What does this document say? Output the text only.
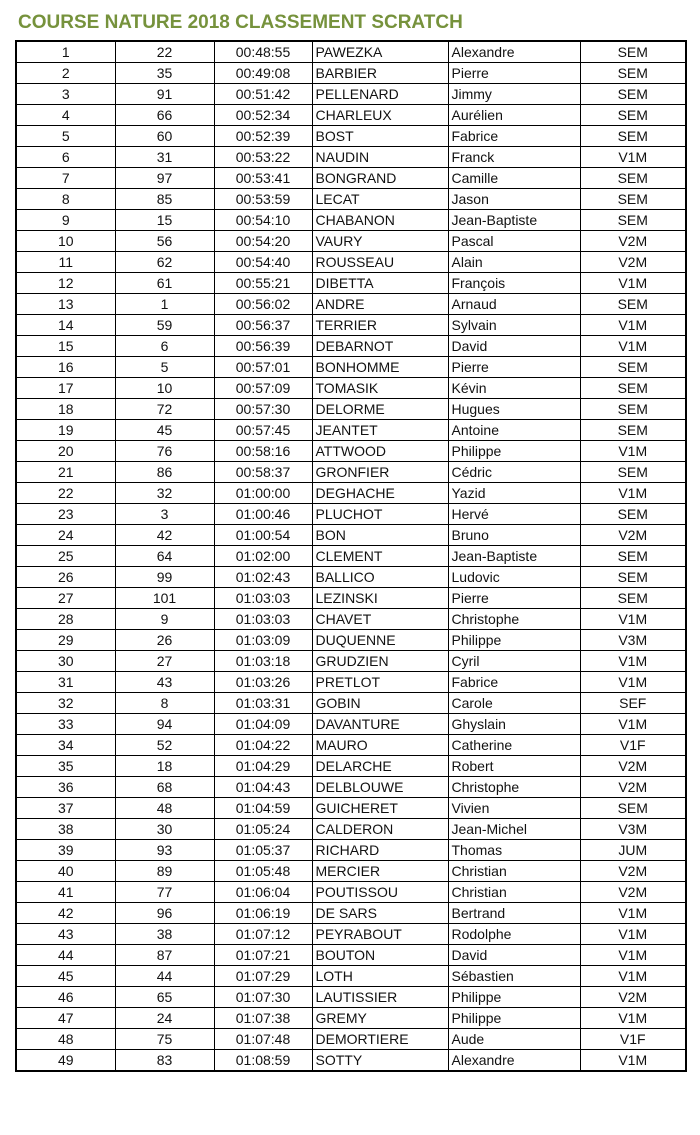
COURSE NATURE 2018 CLASSEMENT SCRATCH
1	22	00:48:55	PAWEZKA	Alexandre	SEM
2	35	00:49:08	BARBIER	Pierre	SEM
3	91	00:51:42	PELLENARD	Jimmy	SEM
4	66	00:52:34	CHARLEUX	Aurélien	SEM
5	60	00:52:39	BOST	Fabrice	SEM
6	31	00:53:22	NAUDIN	Franck	V1M
7	97	00:53:41	BONGRAND	Camille	SEM
8	85	00:53:59	LECAT	Jason	SEM
9	15	00:54:10	CHABANON	Jean-Baptiste	SEM
10	56	00:54:20	VAURY	Pascal	V2M
11	62	00:54:40	ROUSSEAU	Alain	V2M
12	61	00:55:21	DIBETTA	François	V1M
13	1	00:56:02	ANDRE	Arnaud	SEM
14	59	00:56:37	TERRIER	Sylvain	V1M
15	6	00:56:39	DEBARNOT	David	V1M
16	5	00:57:01	BONHOMME	Pierre	SEM
17	10	00:57:09	TOMASIK	Kévin	SEM
18	72	00:57:30	DELORME	Hugues	SEM
19	45	00:57:45	JEANTET	Antoine	SEM
20	76	00:58:16	ATTWOOD	Philippe	V1M
21	86	00:58:37	GRONFIER	Cédric	SEM
22	32	01:00:00	DEGHACHE	Yazid	V1M
23	3	01:00:46	PLUCHOT	Hervé	SEM
24	42	01:00:54	BON	Bruno	V2M
25	64	01:02:00	CLEMENT	Jean-Baptiste	SEM
26	99	01:02:43	BALLICO	Ludovic	SEM
27	101	01:03:03	LEZINSKI	Pierre	SEM
28	9	01:03:03	CHAVET	Christophe	V1M
29	26	01:03:09	DUQUENNE	Philippe	V3M
30	27	01:03:18	GRUDZIEN	Cyril	V1M
31	43	01:03:26	PRETLOT	Fabrice	V1M
32	8	01:03:31	GOBIN	Carole	SEF
33	94	01:04:09	DAVANTURE	Ghyslain	V1M
34	52	01:04:22	MAURO	Catherine	V1F
35	18	01:04:29	DELARCHE	Robert	V2M
36	68	01:04:43	DELBLOUWE	Christophe	V2M
37	48	01:04:59	GUICHERET	Vivien	SEM
38	30	01:05:24	CALDERON	Jean-Michel	V3M
39	93	01:05:37	RICHARD	Thomas	JUM
40	89	01:05:48	MERCIER	Christian	V2M
41	77	01:06:04	POUTISSOU	Christian	V2M
42	96	01:06:19	DE SARS	Bertrand	V1M
43	38	01:07:12	PEYRABOUT	Rodolphe	V1M
44	87	01:07:21	BOUTON	David	V1M
45	44	01:07:29	LOTH	Sébastien	V1M
46	65	01:07:30	LAUTISSIER	Philippe	V2M
47	24	01:07:38	GREMY	Philippe	V1M
48	75	01:07:48	DEMORTIERE	Aude	V1F
49	83	01:08:59	SOTTY	Alexandre	V1M
